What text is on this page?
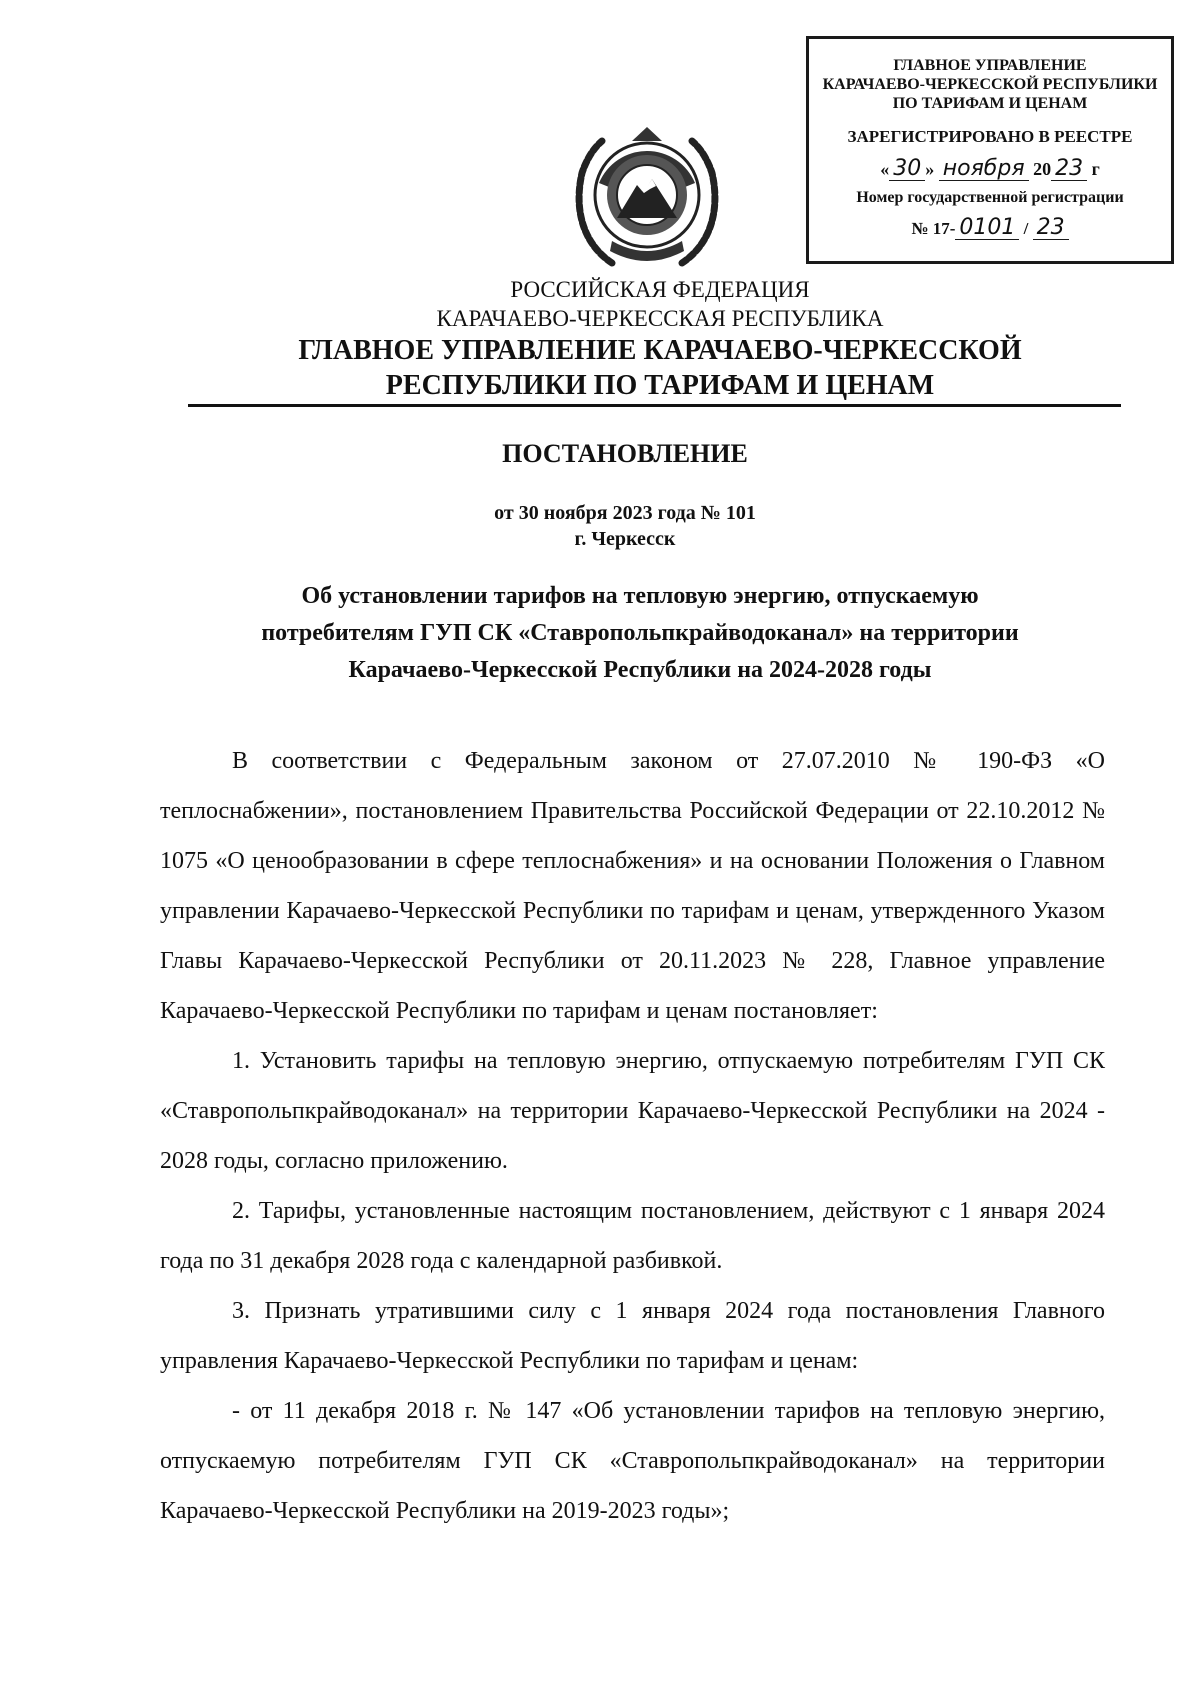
ГЛАВНОЕ УПРАВЛЕНИЕ
КАРАЧАЕВО-ЧЕРКЕССКОЙ РЕСПУБЛИКИ
ПО ТАРИФАМ И ЦЕНАМ
ЗАРЕГИСТРИРОВАНО В РЕЕСТРЕ
« 30 » ноября 20 23 г
Номер государственной регистрации
№ 17- 0101 / 23
РОССИЙСКАЯ ФЕДЕРАЦИЯ
КАРАЧАЕВО-ЧЕРКЕССКАЯ РЕСПУБЛИКА
ГЛАВНОЕ УПРАВЛЕНИЕ КАРАЧАЕВО-ЧЕРКЕССКОЙ
РЕСПУБЛИКИ ПО ТАРИФАМ И ЦЕНАМ
ПОСТАНОВЛЕНИЕ
от 30 ноября 2023 года № 101
г. Черкесск
Об установлении тарифов на тепловую энергию, отпускаемую
потребителям ГУП СК «Ставропольпкрайводоканал» на территории
Карачаево-Черкесской Республики на 2024-2028 годы

В соответствии с Федеральным законом от 27.07.2010 № 190-ФЗ «О теплоснабжении», постановлением Правительства Российской Федерации от 22.10.2012 № 1075 «О ценообразовании в сфере теплоснабжения» и на основании Положения о Главном управлении Карачаево-Черкесской Республики по тарифам и ценам, утвержденного Указом Главы Карачаево-Черкесской Республики от 20.11.2023 № 228, Главное управление Карачаево-Черкесской Республики по тарифам и ценам постановляет:

1. Установить тарифы на тепловую энергию, отпускаемую потребителям ГУП СК «Ставропольпкрайводоканал» на территории Карачаево-Черкесской Республики на 2024 - 2028 годы, согласно приложению.

2. Тарифы, установленные настоящим постановлением, действуют с 1 января 2024 года по 31 декабря 2028 года с календарной разбивкой.

3. Признать утратившими силу с 1 января 2024 года постановления Главного управления Карачаево-Черкесской Республики по тарифам и ценам:

- от 11 декабря 2018 г. № 147 «Об установлении тарифов на тепловую энергию, отпускаемую потребителям ГУП СК «Ставропольпкрайводоканал» на территории Карачаево-Черкесской Республики на 2019-2023 годы»;
